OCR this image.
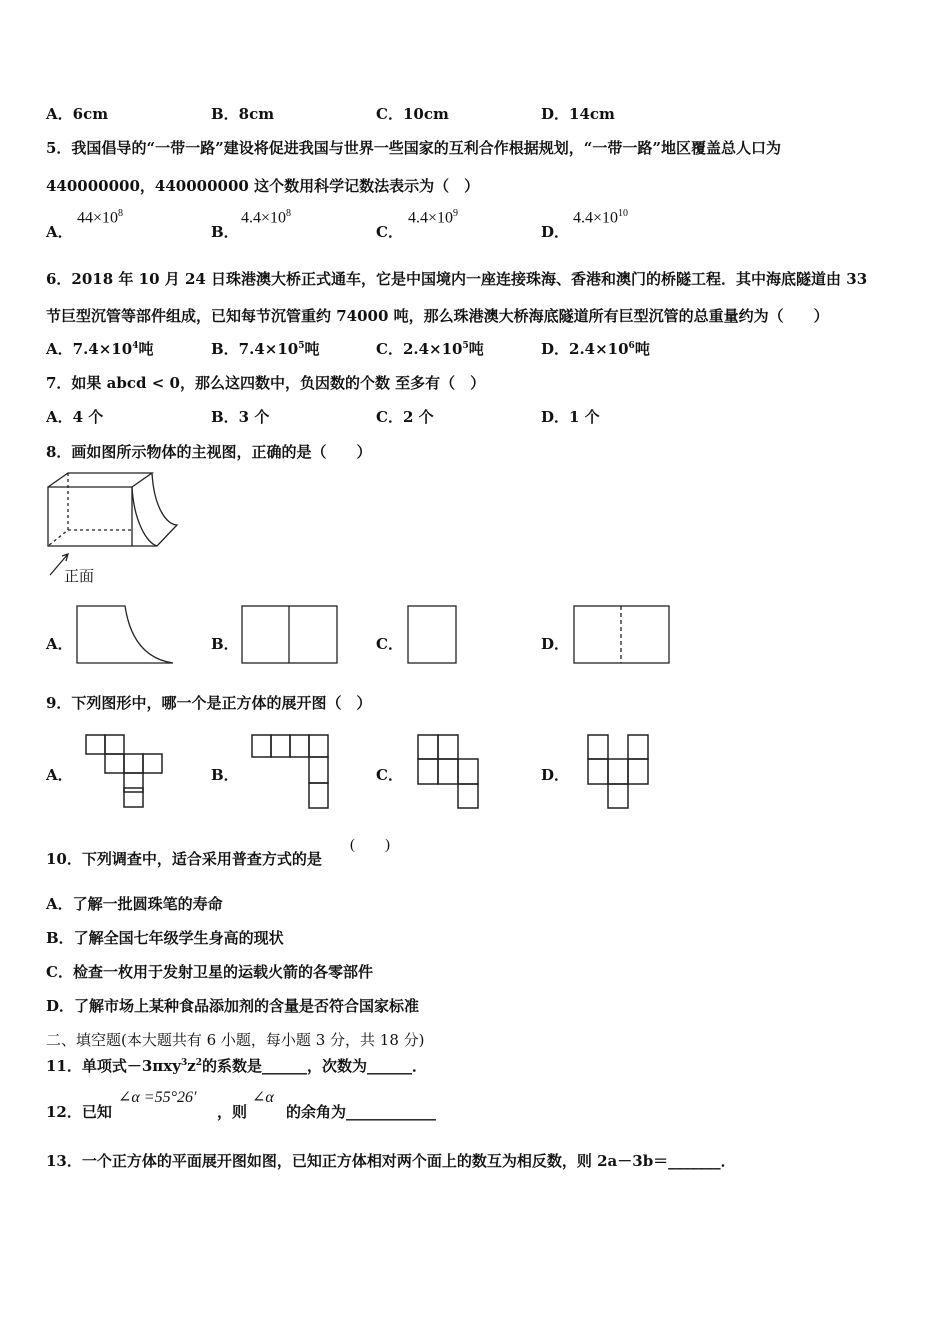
A．6cm	B．8cm	C．10cm	D．14cm
5．我国倡导的“一带一路”建设将促进我国与世界一些国家的互利合作根据规划，“一带一路”地区覆盖总人口为
440000000，440000000 这个数用科学记数法表示为（　）
A．
$44\times 10^8$
B．
$4.4\times 10^8$
C．
$4.4\times 10^9$
D．
$4.4\times 10^{10}$
6．2018 年 10 月 24 日珠港澳大桥正式通车，它是中国境内一座连接珠海、香港和澳门的桥隧工程．其中海底隧道由 33
节巨型沉管等部件组成，已知每节沉管重约 74000 吨，那么珠港澳大桥海底隧道所有巨型沉管的总重量约为（　　）
A．$7.4\times 10^4$吨	B．$7.4\times 10^5$吨	C．$2.4\times 10^5$吨	D．$2.4\times 10^6$吨
7．如果 abcd < 0，那么这四数中，负因数的个数 至多有（　）
A．4 个	B．3 个	C．2 个	D．1 个
8．画如图所示物体的主视图，正确的是（　　）
正面
A．	B．	C．	D．
9．下列图形中，哪一个是正方体的展开图（　）
A．	B．	C．	D．
10．下列调查中，适合采用普查方式的是
(　　)
A．了解一批圆珠笔的寿命
B．了解全国七年级学生身高的现状
C．检查一枚用于发射卫星的运载火箭的各零部件
D．了解市场上某种食品添加剂的含量是否符合国家标准
二、填空题(本大题共有 6 小题，每小题 3 分，共 18 分)
11．单项式$-3\pi xy^3z^2$的系数是______，次数为______．
12．已知
∠α =55°26′
，则
∠α
的余角为____________
13．一个正方体的平面展开图如图，已知正方体相对两个面上的数互为相反数，则 2a－3b＝_______．
